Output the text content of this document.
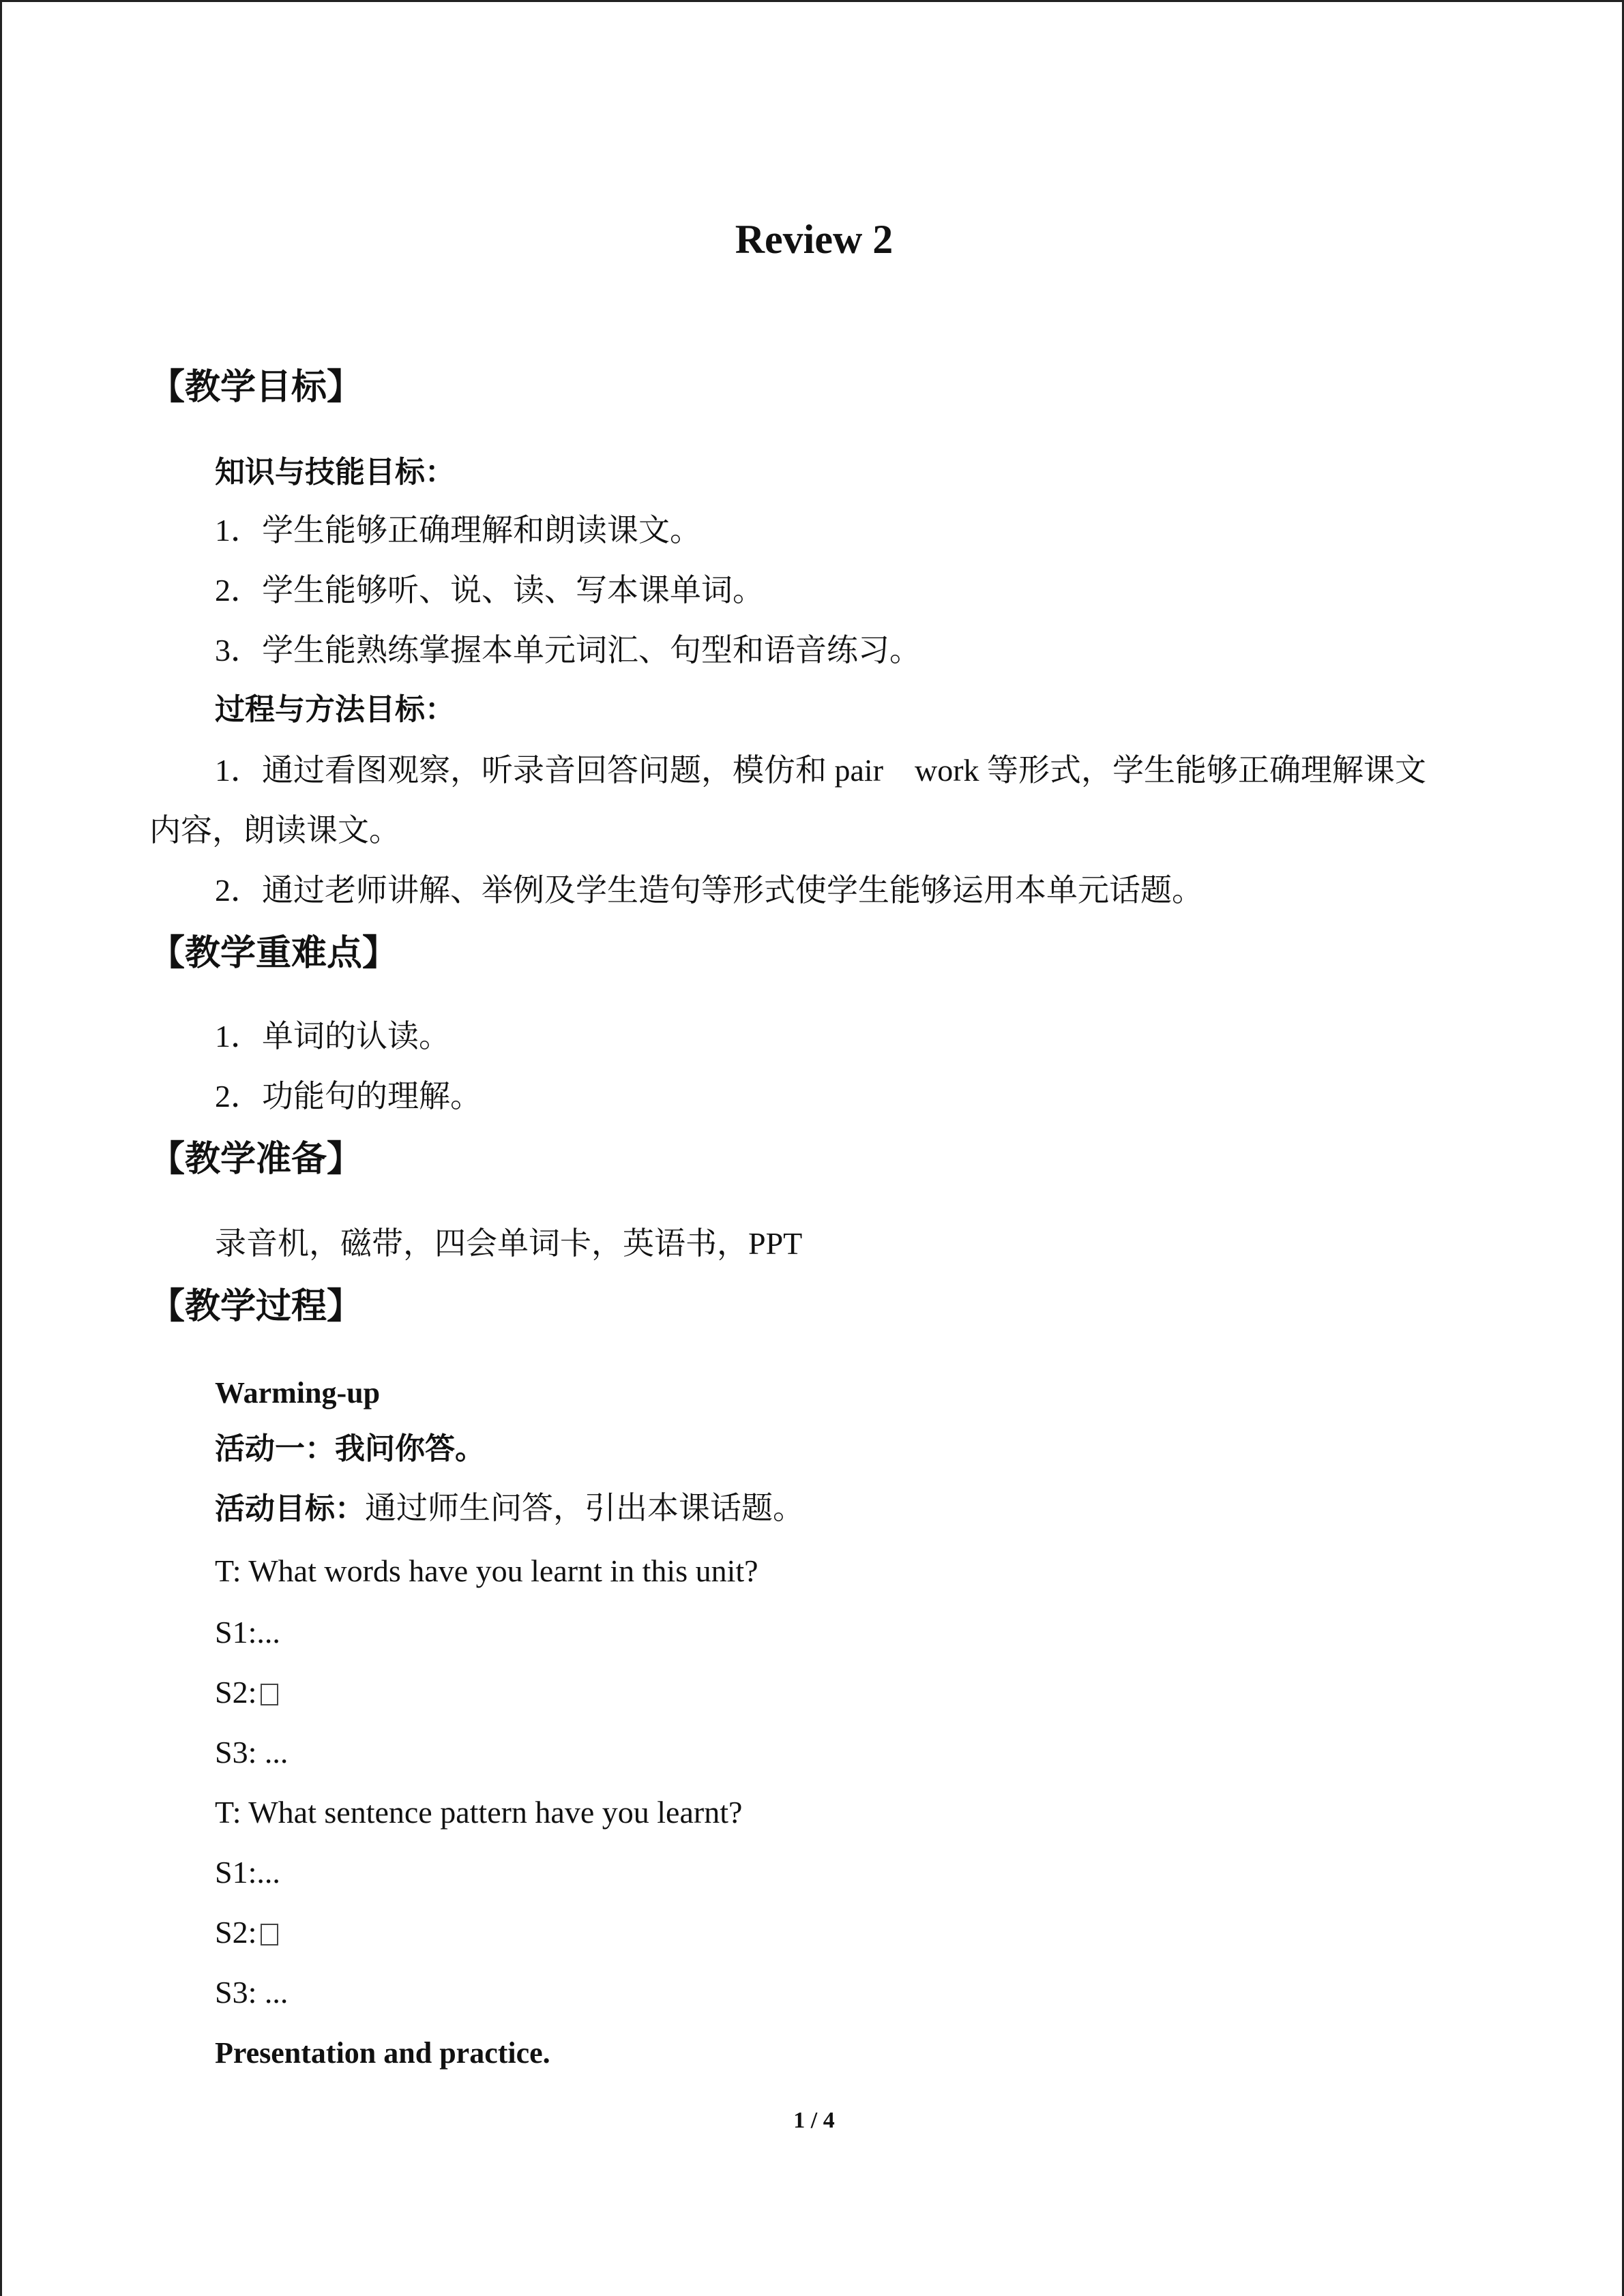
Review 2
【教学目标】
知识与技能目标：
1．学生能够正确理解和朗读课文。
2．学生能够听、说、读、写本课单词。
3．学生能熟练掌握本单元词汇、句型和语音练习。
过程与方法目标：
1．通过看图观察，听录音回答问题，模仿和 pair　work 等形式，学生能够正确理解课文
内容，朗读课文。
2．通过老师讲解、举例及学生造句等形式使学生能够运用本单元话题。
【教学重难点】
1．单词的认读。
2．功能句的理解。
【教学准备】
录音机，磁带，四会单词卡，英语书，PPT
【教学过程】
Warming-up
活动一：我问你答。
活动目标：通过师生问答，引出本课话题。
T: What words have you learnt in this unit?
S1:...
S2:
S3: ...
T: What sentence pattern have you learnt?
S1:...
S2:
S3: ...
Presentation and practice.
1 / 4
